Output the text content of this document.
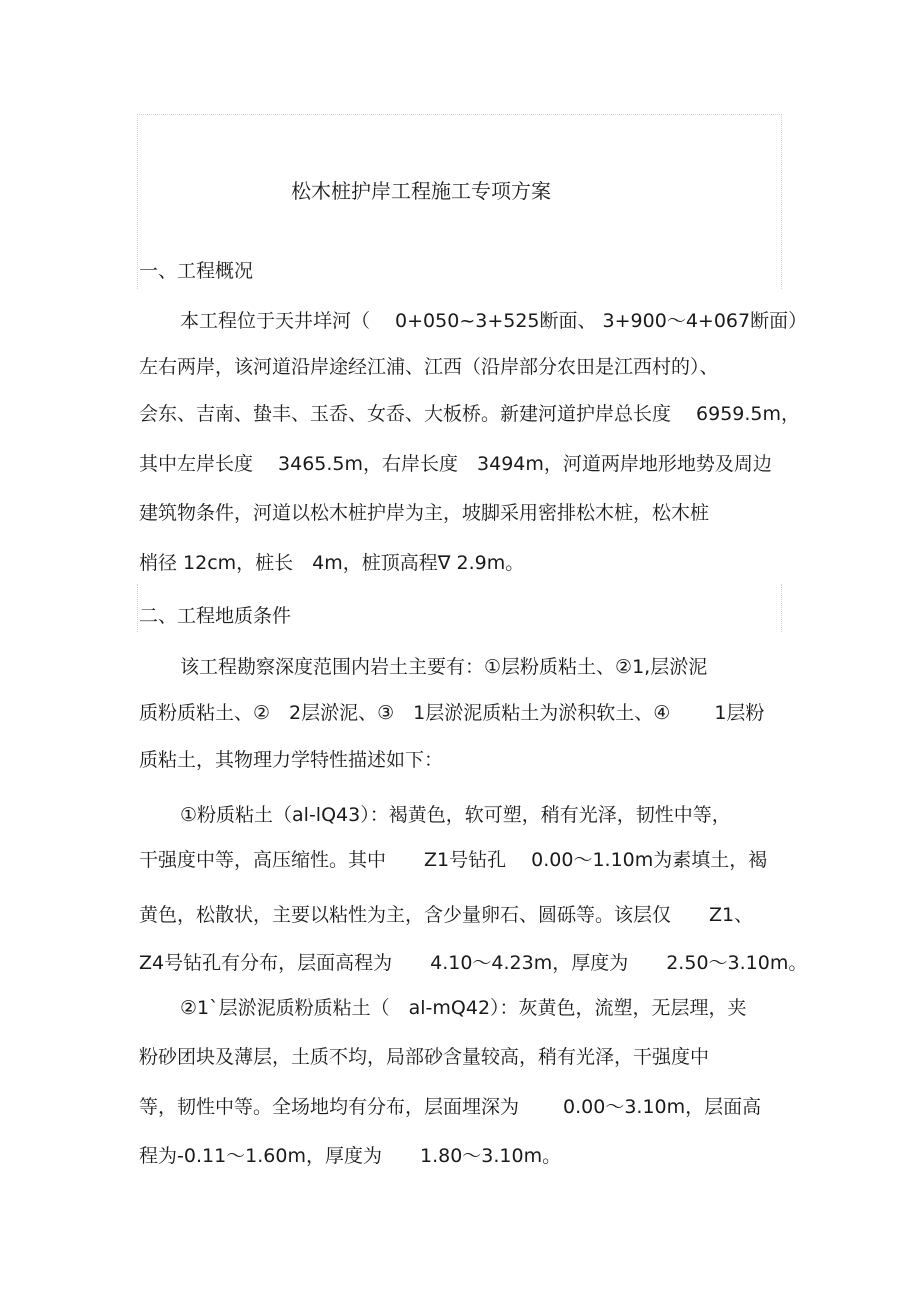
松木桩护岸工程施工专项方案
一、工程概况
本工程位于天井垟河（　 0+050~3+525断面、 3+900～4+067断面）
左右两岸，该河道沿岸途经江浦、江西（沿岸部分农田是江西村的）、
会东、吉南、蛰丰、玉岙、女岙、大板桥。新建河道护岸总长度　 6959.5m，
其中左岸长度　 3465.5m，右岸长度　3494m，河道两岸地形地势及周边
建筑物条件，河道以松木桩护岸为主，坡脚采用密排松木桩，松木桩
梢径 12cm，桩长　4m，桩顶高程∇ 2.9m。
二、工程地质条件
该工程勘察深度范围内岩土主要有：①层粉质粘土、②1,层淤泥
质粉质粘土、②　2层淤泥、③　1层淤泥质粘土为淤积软土、④　　 1层粉
质粘土，其物理力学特性描述如下：
①粉质粘土（al-lQ43）：褐黄色，软可塑，稍有光泽，韧性中等，
干强度中等，高压缩性。其中　　Z1号钻孔　 0.00～1.10m为素填土，褐
黄色，松散状，主要以粘性为主，含少量卵石、圆砾等。该层仅　　Z1、
Z4号钻孔有分布，层面高程为　　4.10～4.23m，厚度为　　2.50～3.10m。
②1`层淤泥质粉质粘土（　al-mQ42）：灰黄色，流塑，无层理，夹
粉砂团块及薄层，土质不均，局部砂含量较高，稍有光泽，干强度中
等，韧性中等。全场地均有分布，层面埋深为　　 0.00～3.10m，层面高
程为-0.11～1.60m，厚度为　　1.80～3.10m。
